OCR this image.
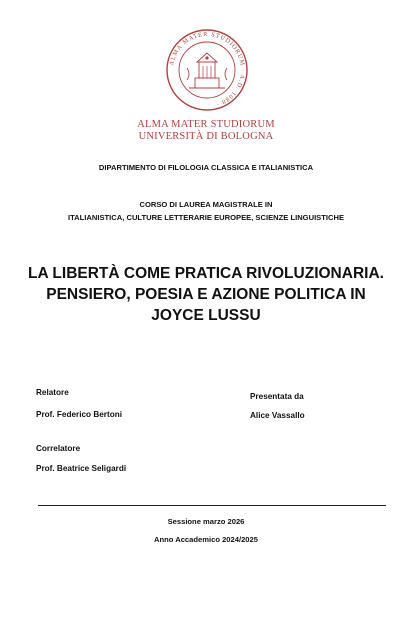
ALMA MATER STUDIORUM · A.D. 1088 ·
ALMA MATER STUDIORUM
UNIVERSITÀ DI BOLOGNA
DIPARTIMENTO DI FILOLOGIA CLASSICA E ITALIANISTICA
CORSO DI LAUREA MAGISTRALE IN
ITALIANISTICA, CULTURE LETTERARIE EUROPEE, SCIENZE LINGUISTICHE
LA LIBERTÀ COME PRATICA RIVOLUZIONARIA.
PENSIERO, POESIA E AZIONE POLITICA IN
JOYCE LUSSU
Relatore
Prof. Federico Bertoni
Correlatore
Prof. Beatrice Seligardi
Presentata da
Alice Vassallo
Sessione marzo 2026
Anno Accademico 2024/2025
